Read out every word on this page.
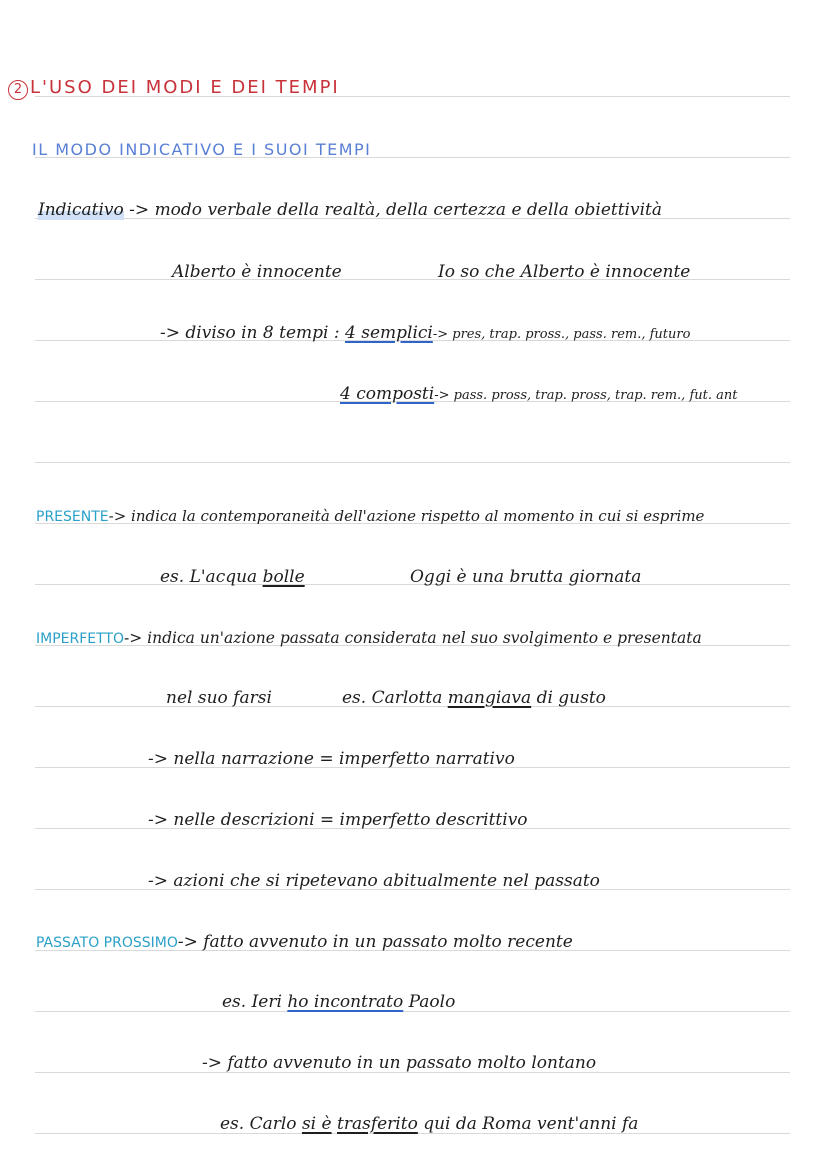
2 L'USO DEI MODI E DEI TEMPI
IL MODO INDICATIVO E I SUOI TEMPI
Indicativo -> modo verbale della realtà, della certezza e della obiettività
Alberto è innocente	Io so che Alberto è innocente
-> diviso in 8 tempi : 4 semplici-> pres, trap. pross., pass. rem., futuro
4 composti-> pass. pross, trap. pross, trap. rem., fut. ant
PRESENTE-> indica la contemporaneità dell'azione rispetto al momento in cui si esprime
es. L'acqua bolle	Oggi è una brutta giornata
IMPERFETTO-> indica un'azione passata considerata nel suo svolgimento e presentata
nel suo farsi	es. Carlotta mangiava di gusto
-> nella narrazione = imperfetto narrativo
-> nelle descrizioni = imperfetto descrittivo
-> azioni che si ripetevano abitualmente nel passato
PASSATO PROSSIMO-> fatto avvenuto in un passato molto recente
es. Ieri ho incontrato Paolo
-> fatto avvenuto in un passato molto lontano
es. Carlo si è trasferito qui da Roma vent'anni fa
